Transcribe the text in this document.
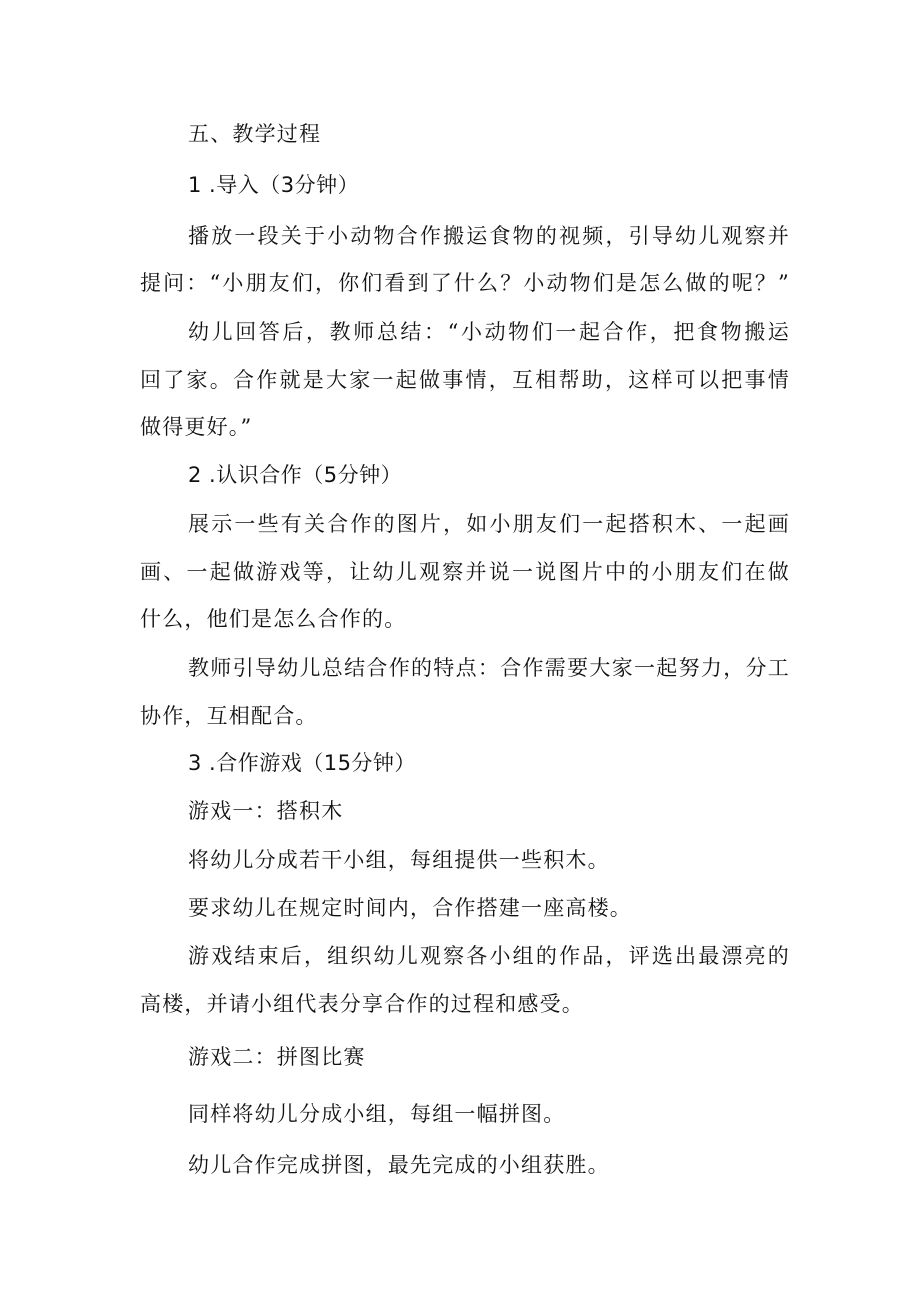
五、教学过程
1 .导入（3分钟）
播放一段关于小动物合作搬运食物的视频，引导幼儿观察并
提问：“小朋友们，你们看到了什么？小动物们是怎么做的呢？”
幼儿回答后，教师总结：“小动物们一起合作，把食物搬运
回了家。合作就是大家一起做事情，互相帮助，这样可以把事情
做得更好。”
2 .认识合作（5分钟）
展示一些有关合作的图片，如小朋友们一起搭积木、一起画
画、一起做游戏等，让幼儿观察并说一说图片中的小朋友们在做
什么，他们是怎么合作的。
教师引导幼儿总结合作的特点：合作需要大家一起努力，分工
协作，互相配合。
3 .合作游戏（15分钟）
游戏一：搭积木
将幼儿分成若干小组，每组提供一些积木。
要求幼儿在规定时间内，合作搭建一座高楼。
游戏结束后，组织幼儿观察各小组的作品，评选出最漂亮的
高楼，并请小组代表分享合作的过程和感受。
游戏二：拼图比赛
同样将幼儿分成小组，每组一幅拼图。
幼儿合作完成拼图，最先完成的小组获胜。
